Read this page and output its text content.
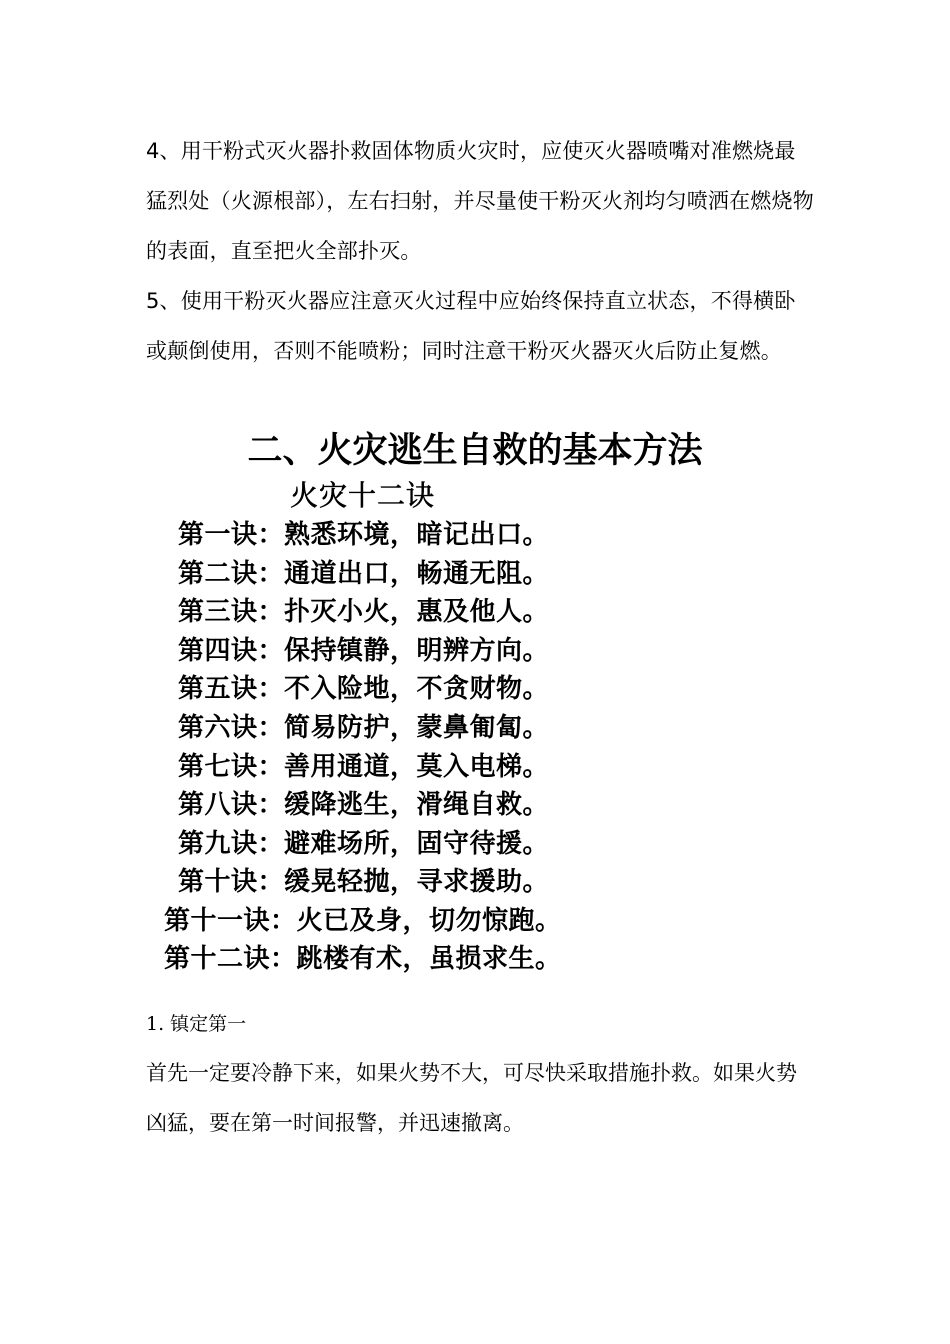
4、用干粉式灭火器扑救固体物质火灾时，应使灭火器喷嘴对准燃烧最猛烈处（火源根部），左右扫射，并尽量使干粉灭火剂均匀喷洒在燃烧物的表面，直至把火全部扑灭。

5、使用干粉灭火器应注意灭火过程中应始终保持直立状态，不得横卧或颠倒使用，否则不能喷粉；同时注意干粉灭火器灭火后防止复燃。

二、火灾逃生自救的基本方法
火灾十二诀
第一诀：熟悉环境，暗记出口。
第二诀：通道出口，畅通无阻。
第三诀：扑灭小火，惠及他人。
第四诀：保持镇静，明辨方向。
第五诀：不入险地，不贪财物。
第六诀：简易防护，蒙鼻匍匐。
第七诀：善用通道，莫入电梯。
第八诀：缓降逃生，滑绳自救。
第九诀：避难场所，固守待援。
第十诀：缓晃轻抛，寻求援助。
第十一诀：火已及身，切勿惊跑。
第十二诀：跳楼有术，虽损求生。

1. 镇定第一

首先一定要冷静下来，如果火势不大，可尽快采取措施扑救。如果火势凶猛，要在第一时间报警，并迅速撤离。
